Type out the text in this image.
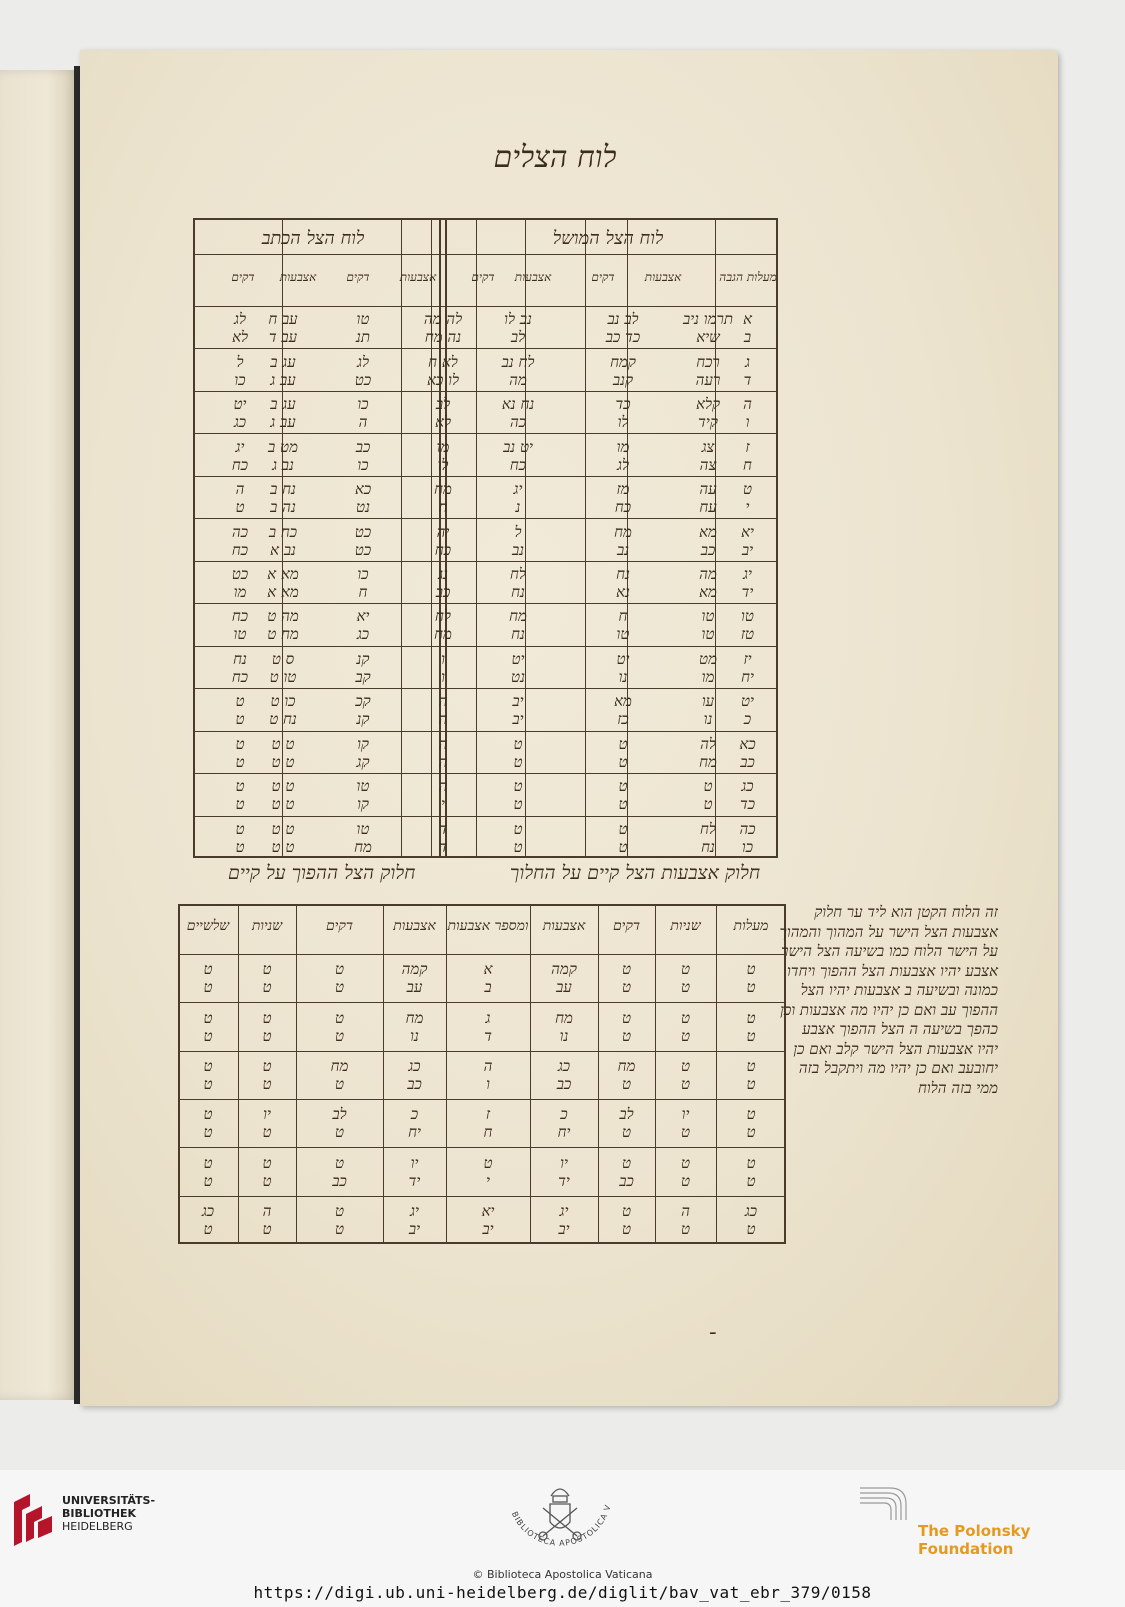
לוח הצלים
מעלות הגבה
אצבעות
דקים
אצבעות
דקים
אצבעות
דקים
אצבעות
דקים
א
ב
ג
ד
ה
ו
ז
ח
ט
י
יא
יב
יג
יד
טו
טז
יז
יח
יט
כ
כא
כב
כג
כד
כה
כו
תרמו ניב
שיא
לב נב
כד כב
נב לו
לב
לה מה
נה מח
טו
תנ
עב ח
עב ד
לג
לא
רכח
רעה
קמח
קנב
לח נב
מה
לא ח
לו כא
לג
כט
עג ב
עב ג
ל
כו
קלא
קיד
כד
לו
נח נא
כה
לב
לא
כו
ה
עג ב
עב ג
יט
כג
צג
צה
מו
לג
יט נב
כח
מו
לו
כב
כו
מט ב
נב ג
יג
כח
עה
עח
מז
כח
יג
נ
מח
ח
כא
נט
נח ב
נה ב
ה
ט
מא
כב
מח
נב
ל
נב
יה
כח
כט
כט
כח ב
נב א
כה
כח
מה
מא
נח
נא
לח
נח
נג
כב
כו
ח
מא א
מא א
כט
מו
טו
טו
ח
טו
מח
נח
לח
מח
יא
כג
מה ט
מח ט
כח
טו
מט
מו
יט
נו
יט
נט
ו
ו
קנ
קב
ס ט
טו ט
נח
כח
עו
נו
מא
כז
יב
יב
ה
ה
קכ
קנ
כו ט
נח ט
ט
ט
לה
מח
ט
ט
ט
ט
ה
ה
קו
קג
ט ט
ט ט
ט
ט
ט
ט
ט
ט
ט
ט
ה
י
טו
קו
ט ט
ט ט
ט
ט
לח
נח
ט
ט
ט
ט
ד
ד
טו
מח
ט ט
ט ט
ט
ט
לוח הצל המושל
לוח הצל הכתב
חלוק אצבעות הצל קיים על החלוך
חלוק הצל ההפוך על קיים
מעלות
שניות
דקים
אצבעות
ומספר אצבעות
אצבעות
דקים
שניות
שלשיים
ט
ט
ט
ט
ט
ט
קמה
עב
א
ב
קמה
עב
ט
ט
ט
ט
ט
ט
ט
ט
ט
ט
ט
ט
מח
נו
ג
ד
מח
נו
ט
ט
ט
ט
ט
ט
ט
ט
ט
ט
מח
ט
כג
כב
ה
ו
כג
כב
מח
ט
ט
ט
ט
ט
ט
ט
יו
ט
לב
ט
כ
יח
ז
ח
כ
יח
לב
ט
יו
ט
ט
ט
ט
ט
ט
ט
ט
כב
יו
יד
ט
י
יו
יד
ט
כב
ט
ט
ט
ט
כג
ט
ה
ט
ט
ט
יג
יב
יא
יב
יג
יב
ט
ט
ה
ט
כג
ט
זה הלוח הקטן הוא ליד ער חלוק אצבעות הצל הישר על המהוך והמהוך על הישר הלוח כמו בשיעה הצל הישר אצבע יהיו אצבעות הצל ההפוך ויחדו כמונה ובשיעה ב אצבעות יהיו הצל ההפוך עב ואם כן יהיו מה אצבעות וכן כהפך בשיעה ה הצל ההפוך אצבע יהיו אצבעות הצל הישר קלב ואם כן יחובעב ואם כן יהיו מה ויתקבל בזה ממי בזה הלוח
ـ
UNIVERSITÄTS-
BIBLIOTHEK
HEIDELBERG
BIBLIOTECA APOSTOLICA V
The Polonsky Foundation
© Biblioteca Apostolica Vaticana
https://digi.ub.uni-heidelberg.de/diglit/bav_vat_ebr_379/0158
